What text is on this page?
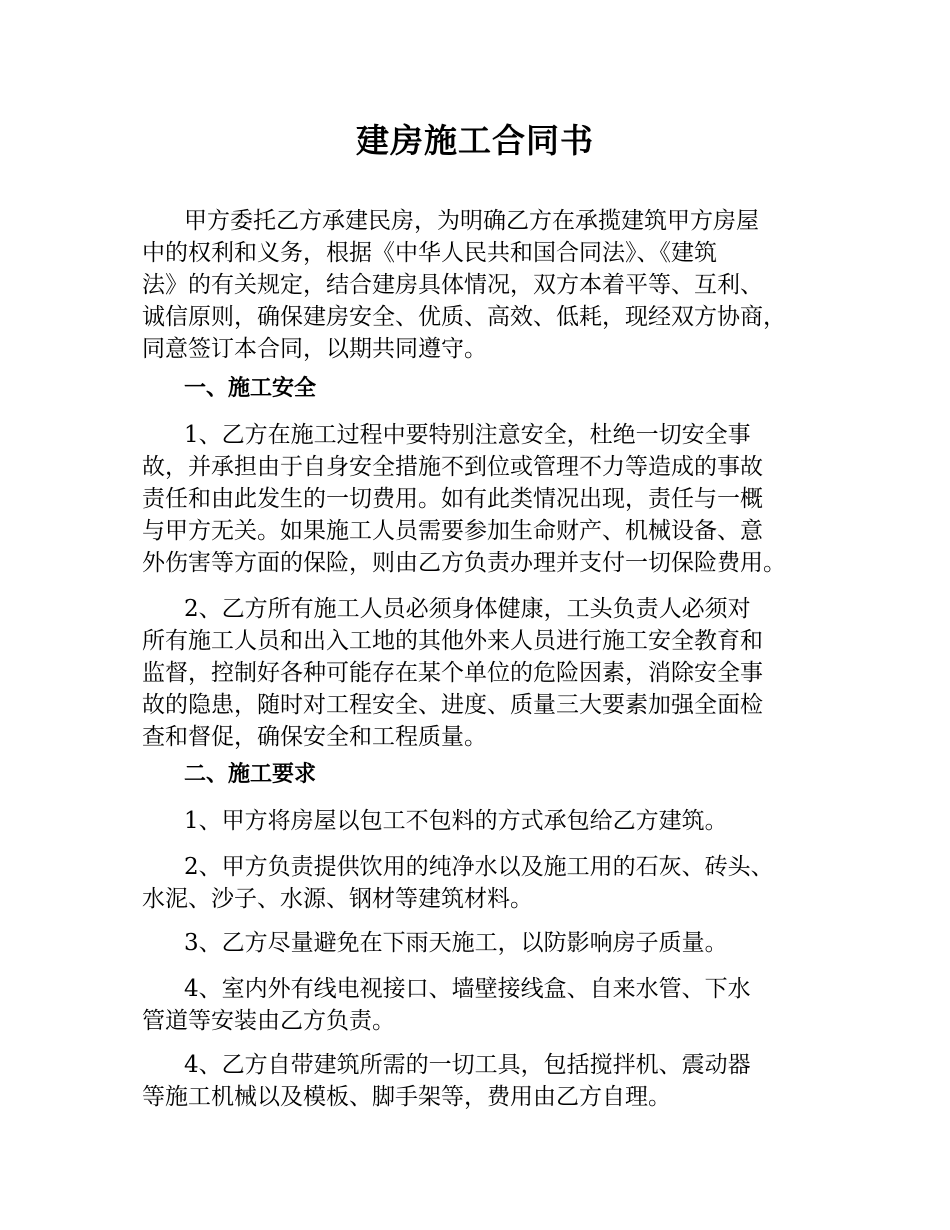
建房施工合同书
甲方委托乙方承建民房，为明确乙方在承揽建筑甲方房屋
中的权利和义务，根据《中华人民共和国合同法》、《建筑
法》的有关规定，结合建房具体情况，双方本着平等、互利、
诚信原则，确保建房安全、优质、高效、低耗，现经双方协商，
同意签订本合同，以期共同遵守。
一、施工安全
1、乙方在施工过程中要特别注意安全，杜绝一切安全事
故，并承担由于自身安全措施不到位或管理不力等造成的事故
责任和由此发生的一切费用。如有此类情况出现，责任与一概
与甲方无关。如果施工人员需要参加生命财产、机械设备、意
外伤害等方面的保险，则由乙方负责办理并支付一切保险费用。
2、乙方所有施工人员必须身体健康，工头负责人必须对
所有施工人员和出入工地的其他外来人员进行施工安全教育和
监督，控制好各种可能存在某个单位的危险因素，消除安全事
故的隐患，随时对工程安全、进度、质量三大要素加强全面检
查和督促，确保安全和工程质量。
二、施工要求
1、甲方将房屋以包工不包料的方式承包给乙方建筑。
2、甲方负责提供饮用的纯净水以及施工用的石灰、砖头、
水泥、沙子、水源、钢材等建筑材料。
3、乙方尽量避免在下雨天施工，以防影响房子质量。
4、室内外有线电视接口、墙壁接线盒、自来水管、下水
管道等安装由乙方负责。
4、乙方自带建筑所需的一切工具，包括搅拌机、震动器
等施工机械以及模板、脚手架等，费用由乙方自理。
